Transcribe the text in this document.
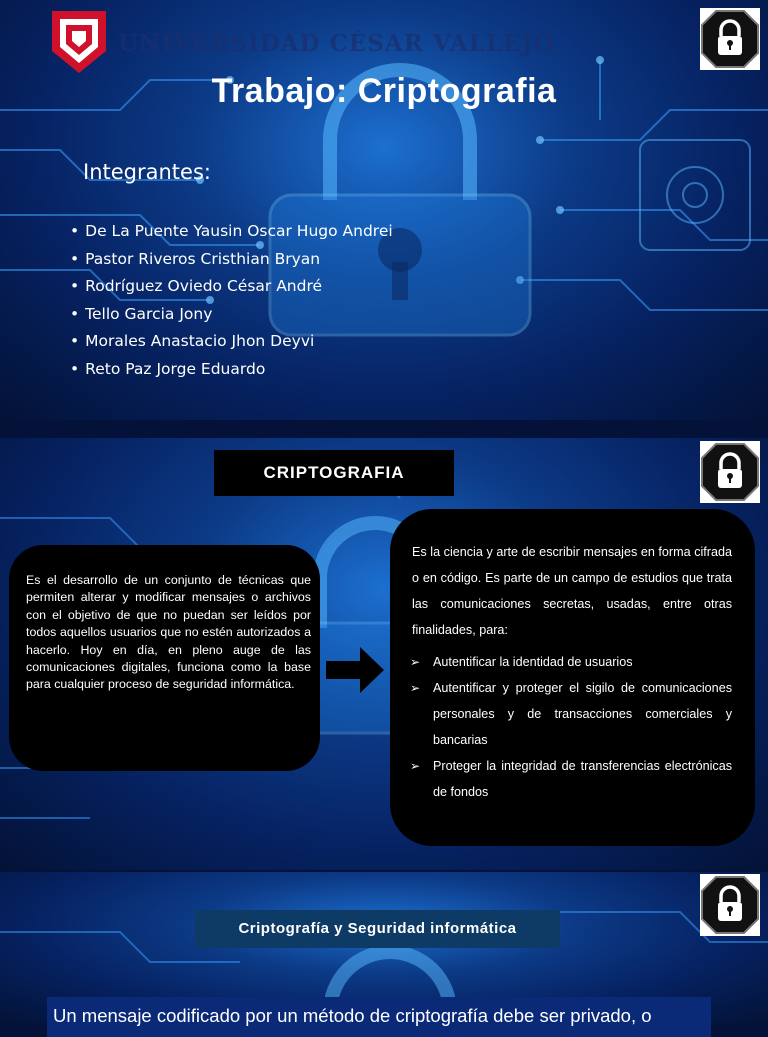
UNIVERSIDAD CÉSAR VALLEJO
Trabajo: Criptografia
Integrantes:
• De La Puente Yausin Oscar Hugo Andrei
• Pastor Riveros Cristhian Bryan
• Rodríguez Oviedo César André
• Tello Garcia Jony
• Morales Anastacio Jhon Deyvi
• Reto Paz Jorge Eduardo
CRIPTOGRAFIA

Es el desarrollo de un conjunto de técnicas que permiten alterar y modificar mensajes o archivos con el objetivo de que no puedan ser leídos por todos aquellos usuarios que no estén autorizados a hacerlo. Hoy en día, en pleno auge de las comunicaciones digitales, funciona como la base para cualquier proceso de seguridad informática.

Es la ciencia y arte de escribir mensajes en forma cifrada o en código. Es parte de un campo de estudios que trata las comunicaciones secretas, usadas, entre otras finalidades, para:

➢ Autentificar la identidad de usuarios
➢ Autentificar y proteger el sigilo de comunicaciones personales y de transacciones comerciales y bancarias
➢ Proteger la integridad de transferencias electrónicas de fondos
Criptografía y Seguridad informática
Un mensaje codificado por un método de criptografía debe ser privado, o
